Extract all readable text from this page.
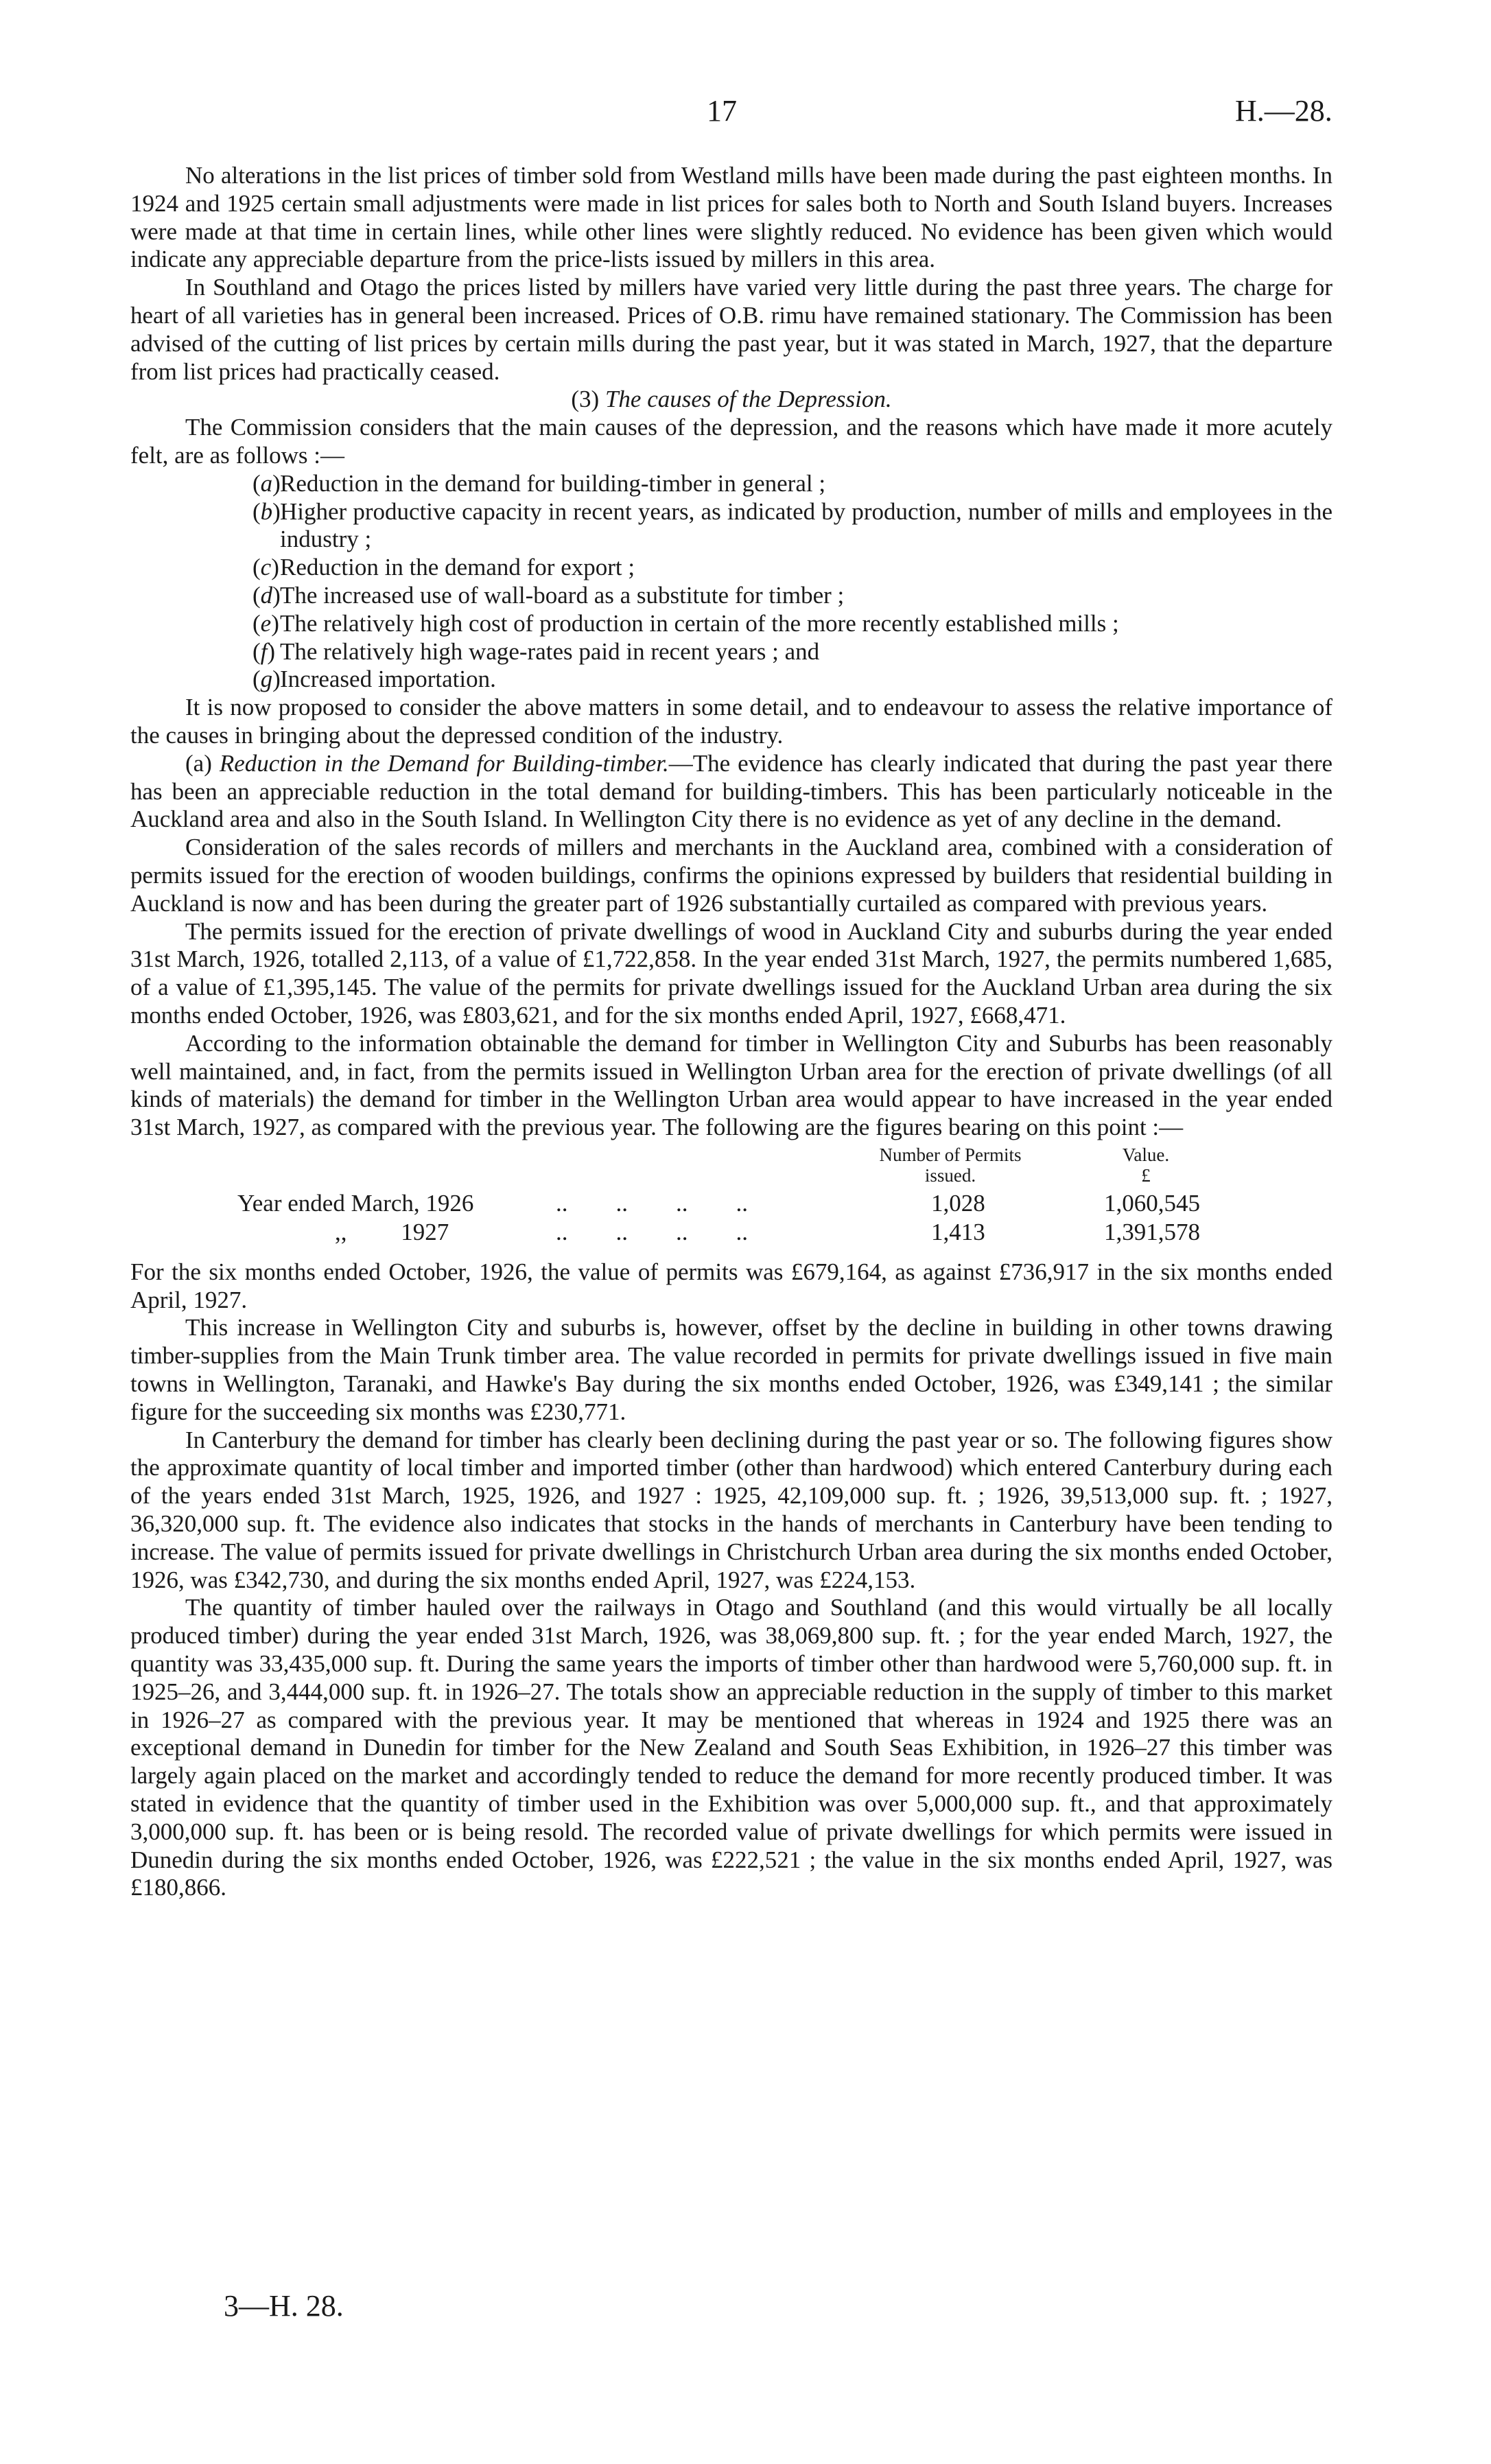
17	H.—28.

No alterations in the list prices of timber sold from Westland mills have been made during the past eighteen months. In 1924 and 1925 certain small adjustments were made in list prices for sales both to North and South Island buyers. Increases were made at that time in certain lines, while other lines were slightly reduced. No evidence has been given which would indicate any appreciable departure from the price-lists issued by millers in this area.

In Southland and Otago the prices listed by millers have varied very little during the past three years. The charge for heart of all varieties has in general been increased. Prices of O.B. rimu have remained stationary. The Commission has been advised of the cutting of list prices by certain mills during the past year, but it was stated in March, 1927, that the departure from list prices had practically ceased.

(3) The causes of the Depression.

The Commission considers that the main causes of the depression, and the reasons which have made it more acutely felt, are as follows :—

(a)Reduction in the demand for building-timber in general ;
(b)Higher productive capacity in recent years, as indicated by production, number of mills and employees in the industry ;
(c)Reduction in the demand for export ;
(d)The increased use of wall-board as a substitute for timber ;
(e)The relatively high cost of production in certain of the more recently established mills ;
(f) The relatively high wage-rates paid in recent years ; and
(g)Increased importation.

It is now proposed to consider the above matters in some detail, and to endeavour to assess the relative importance of the causes in bringing about the depressed condition of the industry.

(a) Reduction in the Demand for Building-timber.—The evidence has clearly indicated that during the past year there has been an appreciable reduction in the total demand for building-timbers. This has been particularly noticeable in the Auckland area and also in the South Island. In Wellington City there is no evidence as yet of any decline in the demand.

Consideration of the sales records of millers and merchants in the Auckland area, combined with a consideration of permits issued for the erection of wooden buildings, confirms the opinions expressed by builders that residential building in Auckland is now and has been during the greater part of 1926 substantially curtailed as compared with previous years.

The permits issued for the erection of private dwellings of wood in Auckland City and suburbs during the year ended 31st March, 1926, totalled 2,113, of a value of £1,722,858. In the year ended 31st March, 1927, the permits numbered 1,685, of a value of £1,395,145. The value of the permits for private dwellings issued for the Auckland Urban area during the six months ended October, 1926, was £803,621, and for the six months ended April, 1927, £668,471.

According to the information obtainable the demand for timber in Wellington City and Suburbs has been reasonably well maintained, and, in fact, from the permits issued in Wellington Urban area for the erection of private dwellings (of all kinds of materials) the demand for timber in the Wellington Urban area would appear to have increased in the year ended 31st March, 1927, as compared with the previous year. The following are the figures bearing on this point :—

Number of Permits
issued.
Value.
£
Year ended March, 1926	..        ..        ..        ..	1,028	1,060,545
,,         1927	..        ..        ..        ..	1,413	1,391,578

For the six months ended October, 1926, the value of permits was £679,164, as against £736,917 in the six months ended April, 1927.

This increase in Wellington City and suburbs is, however, offset by the decline in building in other towns drawing timber-supplies from the Main Trunk timber area. The value recorded in permits for private dwellings issued in five main towns in Wellington, Taranaki, and Hawke's Bay during the six months ended October, 1926, was £349,141 ; the similar figure for the succeeding six months was £230,771.

In Canterbury the demand for timber has clearly been declining during the past year or so. The following figures show the approximate quantity of local timber and imported timber (other than hardwood) which entered Canterbury during each of the years ended 31st March, 1925, 1926, and 1927 : 1925, 42,109,000 sup. ft. ; 1926, 39,513,000 sup. ft. ; 1927, 36,320,000 sup. ft. The evidence also indicates that stocks in the hands of merchants in Canterbury have been tending to increase. The value of permits issued for private dwellings in Christchurch Urban area during the six months ended October, 1926, was £342,730, and during the six months ended April, 1927, was £224,153.

The quantity of timber hauled over the railways in Otago and Southland (and this would virtually be all locally produced timber) during the year ended 31st March, 1926, was 38,069,800 sup. ft. ; for the year ended March, 1927, the quantity was 33,435,000 sup. ft. During the same years the imports of timber other than hardwood were 5,760,000 sup. ft. in 1925–26, and 3,444,000 sup. ft. in 1926–27. The totals show an appreciable reduction in the supply of timber to this market in 1926–27 as compared with the previous year. It may be mentioned that whereas in 1924 and 1925 there was an exceptional demand in Dunedin for timber for the New Zealand and South Seas Exhibition, in 1926–27 this timber was largely again placed on the market and accordingly tended to reduce the demand for more recently produced timber. It was stated in evidence that the quantity of timber used in the Exhibition was over 5,000,000 sup. ft., and that approximately 3,000,000 sup. ft. has been or is being resold. The recorded value of private dwellings for which permits were issued in Dunedin during the six months ended October, 1926, was £222,521 ; the value in the six months ended April, 1927, was £180,866.

3—H. 28.
